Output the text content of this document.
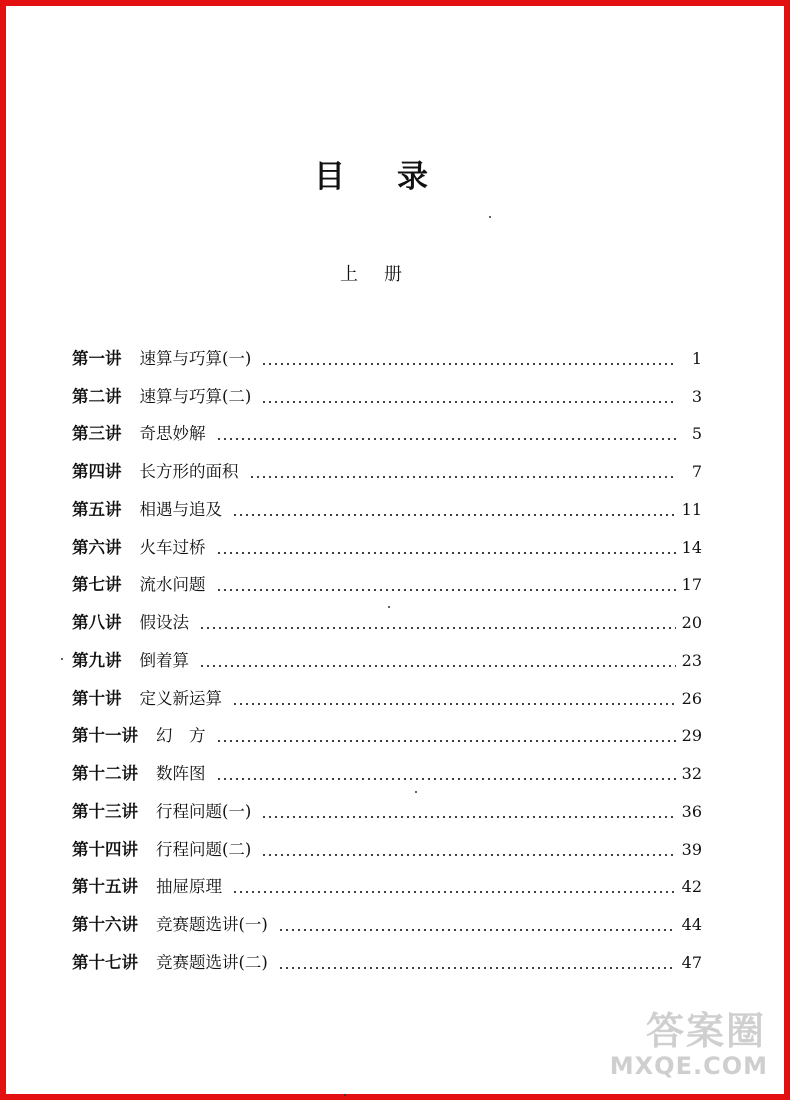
目录
上册
第一讲 速算与巧算(一)	1
第二讲 速算与巧算(二)	3
第三讲 奇思妙解	5
第四讲 长方形的面积	7
第五讲 相遇与追及	11
第六讲 火车过桥	14
第七讲 流水问题	17
第八讲 假设法	20
第九讲 倒着算	23
第十讲 定义新运算	26
第十一讲 幻　方	29
第十二讲 数阵图	32
第十三讲 行程问题(一)	36
第十四讲 行程问题(二)	39
第十五讲 抽屉原理	42
第十六讲 竞赛题选讲(一)	44
第十七讲 竞赛题选讲(二)	47
答案圈
MXQE.COM
